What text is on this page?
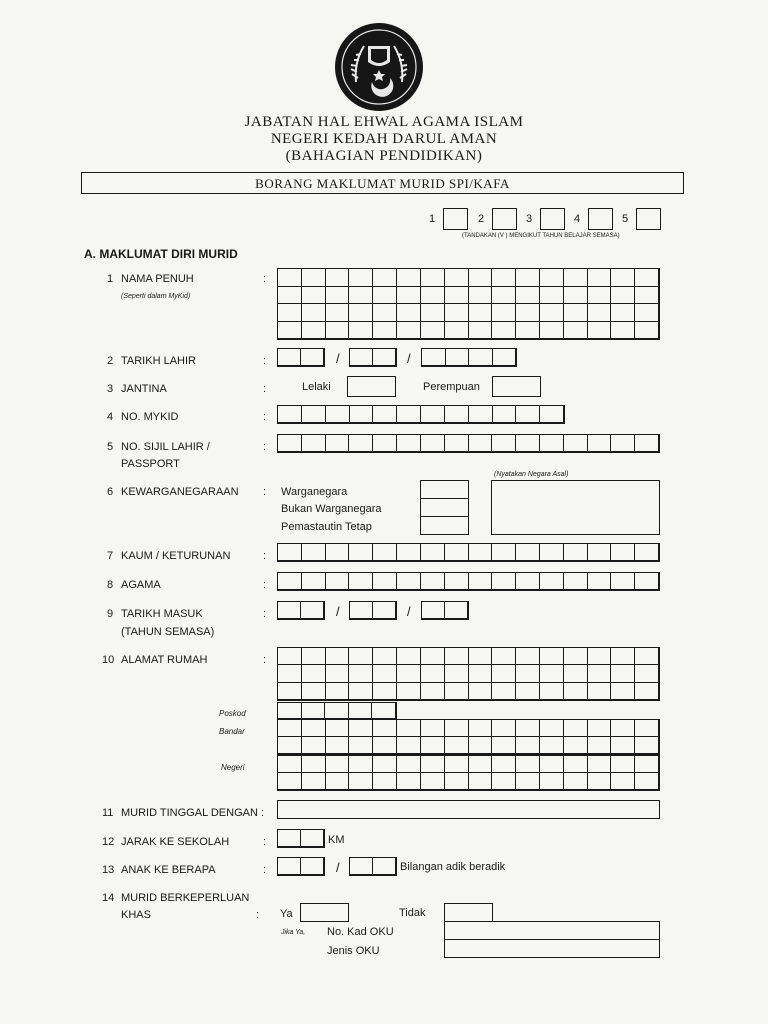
JABATAN HAL EHWAL AGAMA ISLAM
NEGERI KEDAH DARUL AMAN
(BAHAGIAN PENDIDIKAN)
BORANG MAKLUMAT MURID SPI/KAFA
1	2	3	4	5
(TANDAKAN (V ) MENGIKUT TAHUN BELAJAR SEMASA)
A. MAKLUMAT DIRI MURID
1 NAMA PENUH
(Seperti dalam MyKid)
:
2 TARIKH LAHIR	:	/	/
3 JANTINA	:	Lelaki	Perempuan
4 NO. MYKID	:
5 NO. SIJIL LAHIR /
PASSPORT
:
6 KEWARGANEGARAAN : Warganegara
Bukan Warganegara
Pemastautin Tetap
(Nyatakan Negara Asal)
7 KAUM / KETURUNAN	:
8 AGAMA	:
9 TARIKH MASUK
(TAHUN SEMASA)
:	/	/
10 ALAMAT RUMAH	:
Poskod
Bandar
Negeri
11 MURID TINGGAL DENGAN :
12 JARAK KE SEKOLAH	:	KM
13 ANAK KE BERAPA	:	/	Bilangan adik beradik
14 MURID BERKEPERLUAN
KHAS	: Ya	Tidak
Jika Ya, No. Kad OKU
Jenis OKU
